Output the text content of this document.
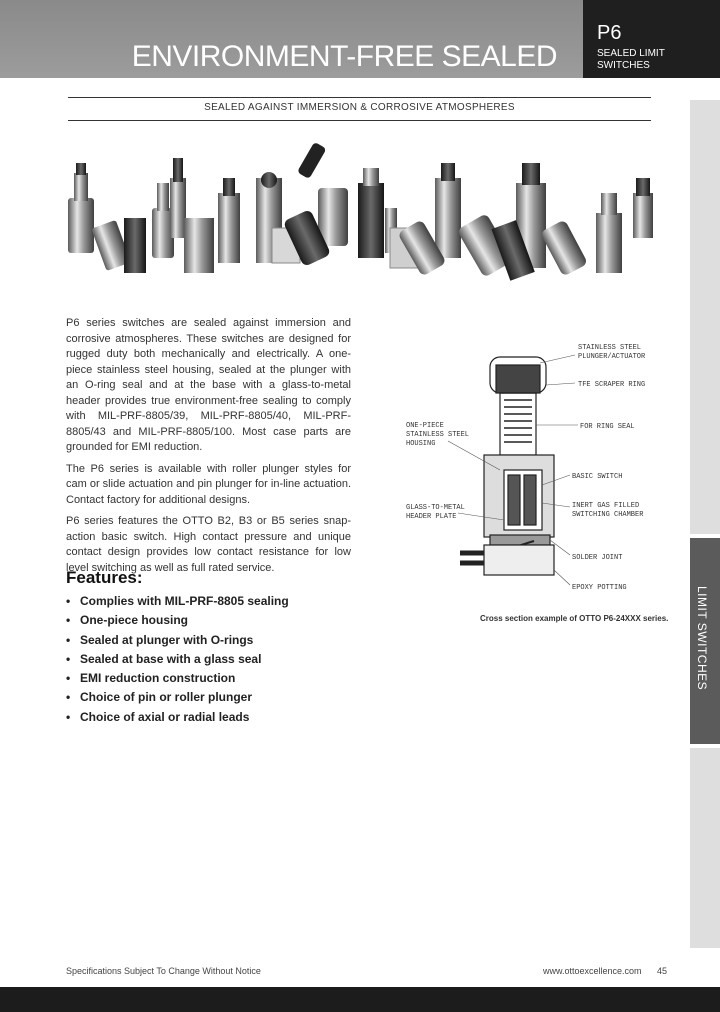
ENVIRONMENT-FREE SEALED
P6
SEALED LIMIT
SWITCHES
SEALED AGAINST IMMERSION & CORROSIVE ATMOSPHERES
LIMIT SWITCHES

P6 series switches are sealed against immersion and corrosive atmospheres. These switches are designed for rugged duty both mechanically and electrically. A one-piece stainless steel housing, sealed at the plunger with an O-ring seal and at the base with a glass-to-metal header provides true environment-free sealing to comply with MIL-PRF-8805/39, MIL-PRF-8805/40, MIL-PRF-8805/43 and MIL-PRF-8805/100. Most case parts are grounded for EMI reduction.

The P6 series is available with roller plunger styles for cam or slide actuation and pin plunger for in-line actuation. Contact factory for additional designs.

P6 series features the OTTO B2, B3 or B5 series snap-action basic switch. High contact pressure and unique contact design provides low contact resistance for low level switching as well as full rated service.

Features:
• Complies with MIL-PRF-8805 sealing
• One-piece housing
• Sealed at plunger with O-rings
• Sealed at base with a glass seal
• EMI reduction construction
• Choice of pin or roller plunger
• Choice of axial or radial leads
STAINLESS STEEL
PLUNGER/ACTUATOR
TFE SCRAPER RING
FOR RING SEAL
ONE-PIECE
STAINLESS STEEL
HOUSING
BASIC SWITCH
INERT GAS FILLED
SWITCHING CHAMBER
GLASS-TO-METAL
HEADER PLATE
SOLDER JOINT
EPOXY POTTING
Cross section example of OTTO P6-24XXX series.
Specifications Subject To Change Without Notice	www.ottoexcellence.com 45
